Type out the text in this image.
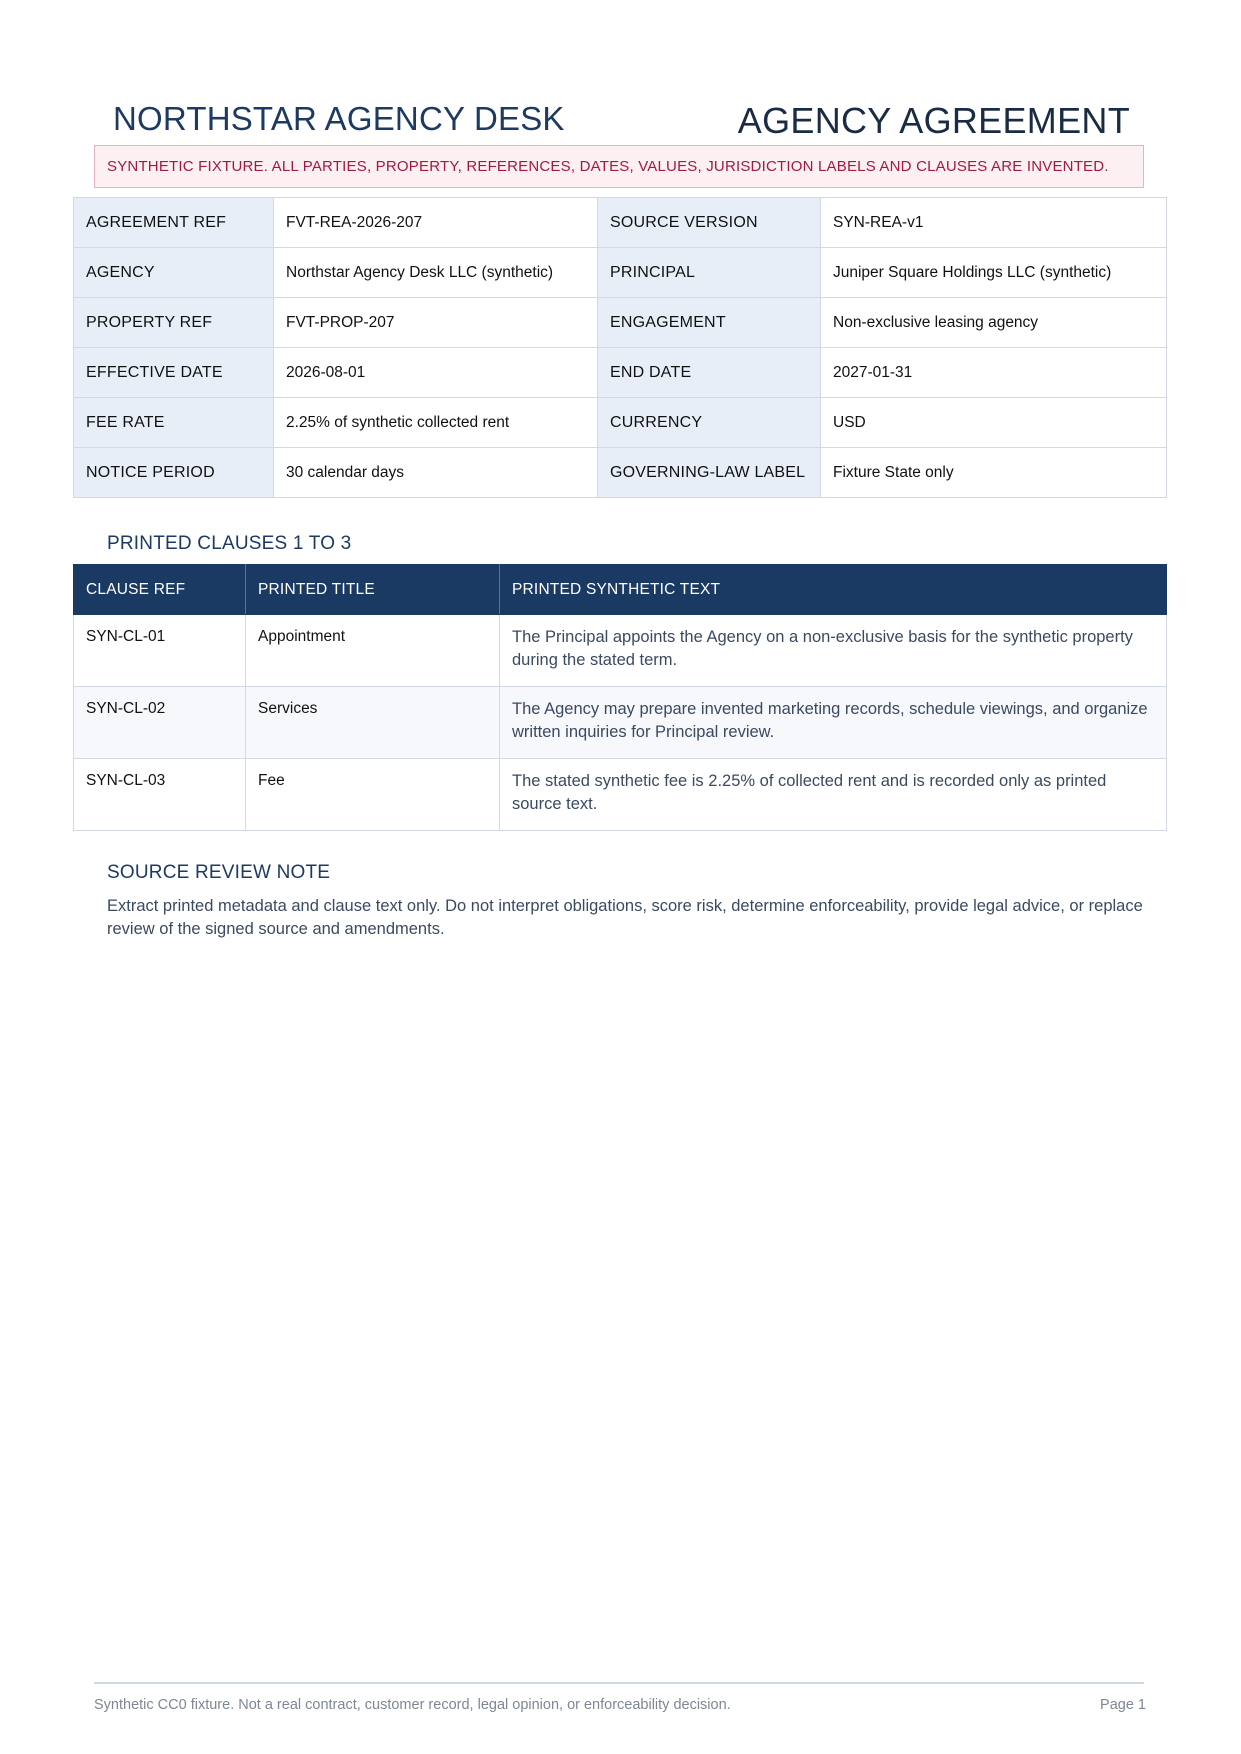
NORTHSTAR AGENCY DESK	AGENCY AGREEMENT
SYNTHETIC FIXTURE. ALL PARTIES, PROPERTY, REFERENCES, DATES, VALUES, JURISDICTION LABELS AND CLAUSES ARE INVENTED.
AGREEMENT REF	FVT-REA-2026-207	SOURCE VERSION	SYN-REA-v1
AGENCY	Northstar Agency Desk LLC (synthetic)	PRINCIPAL	Juniper Square Holdings LLC (synthetic)
PROPERTY REF	FVT-PROP-207	ENGAGEMENT	Non-exclusive leasing agency
EFFECTIVE DATE	2026-08-01	END DATE	2027-01-31
FEE RATE	2.25% of synthetic collected rent	CURRENCY	USD
NOTICE PERIOD	30 calendar days	GOVERNING-LAW LABEL	Fixture State only
PRINTED CLAUSES 1 TO 3
CLAUSE REF	PRINTED TITLE	PRINTED SYNTHETIC TEXT
SYN-CL-01	Appointment	The Principal appoints the Agency on a non-exclusive basis for the synthetic property during the stated term.
SYN-CL-02	Services	The Agency may prepare invented marketing records, schedule viewings, and organize written inquiries for Principal review.
SYN-CL-03	Fee	The stated synthetic fee is 2.25% of collected rent and is recorded only as printed source text.
SOURCE REVIEW NOTE
Extract printed metadata and clause text only. Do not interpret obligations, score risk, determine enforceability, provide legal advice, or replace review of the signed source and amendments.
Synthetic CC0 fixture. Not a real contract, customer record, legal opinion, or enforceability decision.	Page 1
